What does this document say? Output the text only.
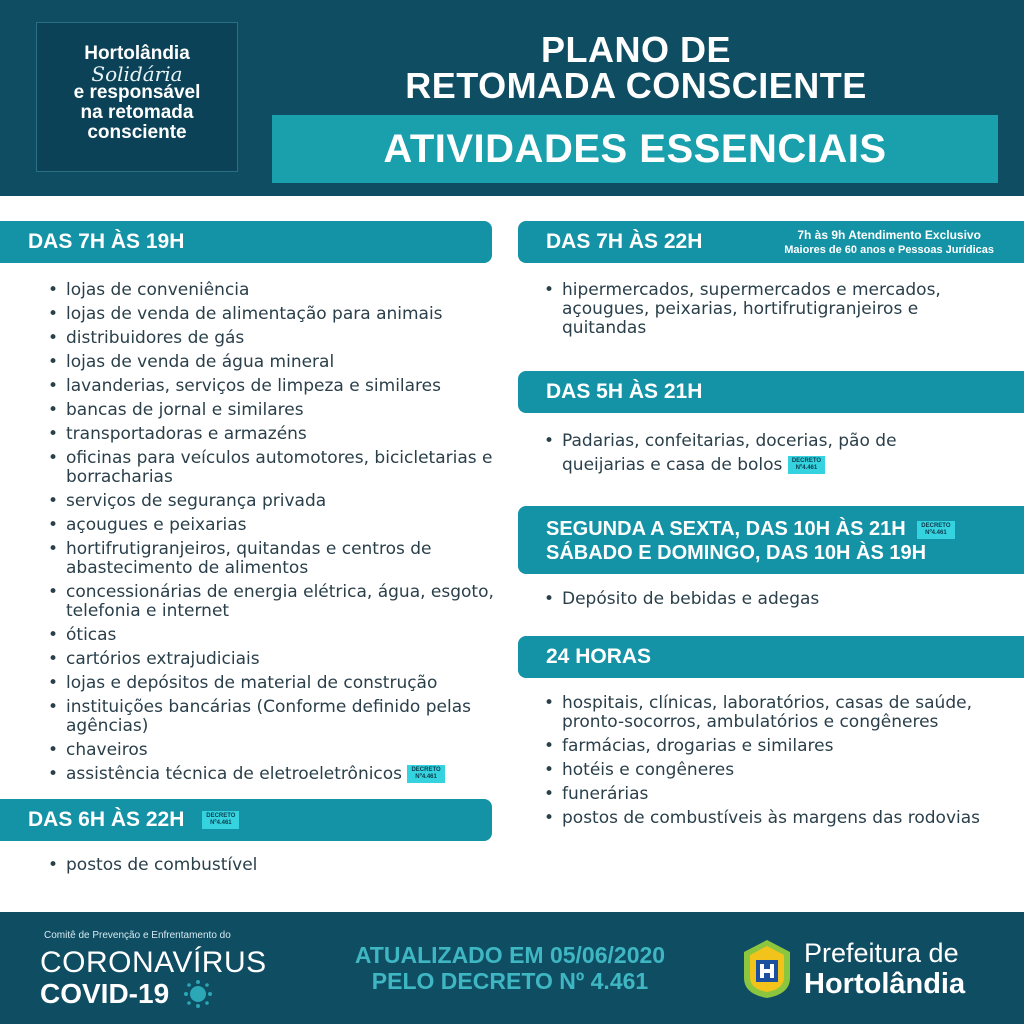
Hortolândia
Solidária
e responsável
na retomada
consciente
PLANO DE
RETOMADA CONSCIENTE
ATIVIDADES ESSENCIAIS
DAS 7H ÀS 19H
• lojas de conveniência
• lojas de venda de alimentação para animais
• distribuidores de gás
• lojas de venda de água mineral
• lavanderias, serviços de limpeza e similares
• bancas de jornal e similares
• transportadoras e armazéns
• oficinas para veículos automotores, bicicletarias e borracharias
• serviços de segurança privada
• açougues e peixarias
• hortifrutigranjeiros, quitandas e centros de abastecimento de alimentos
• concessionárias de energia elétrica, água, esgoto, telefonia e internet
• óticas
• cartórios extrajudiciais
• lojas e depósitos de material de construção
• instituições bancárias (Conforme definido pelas agências)
• chaveiros
• assistência técnica de eletroeletrônicos DECRETO
Nº4.461
DAS 6H ÀS 22H	DECRETO
Nº4.461
• postos de combustível
DAS 7H ÀS 22H	7h às 9h Atendimento Exclusivo
Maiores de 60 anos e Pessoas Jurídicas
• hipermercados, supermercados e mercados, açougues, peixarias, hortifrutigranjeiros e quitandas
DAS 5H ÀS 21H
• Padarias, confeitarias, docerias, pão de queijarias e casa de bolos DECRETO
Nº4.461
SEGUNDA A SEXTA, DAS 10H ÀS 21H	DECRETO
Nº4.461
SÁBADO E DOMINGO, DAS 10H ÀS 19H
• Depósito de bebidas e adegas
24 HORAS
• hospitais, clínicas, laboratórios, casas de saúde, pronto-socorros, ambulatórios e congêneres
• farmácias, drogarias e similares
• hotéis e congêneres
• funerárias
• postos de combustíveis às margens das rodovias
Comitê de Prevenção e Enfrentamento do
CORONAVÍRUS
COVID-19
ATUALIZADO EM 05/06/2020
PELO DECRETO Nº 4.461
Prefeitura de
Hortolândia
